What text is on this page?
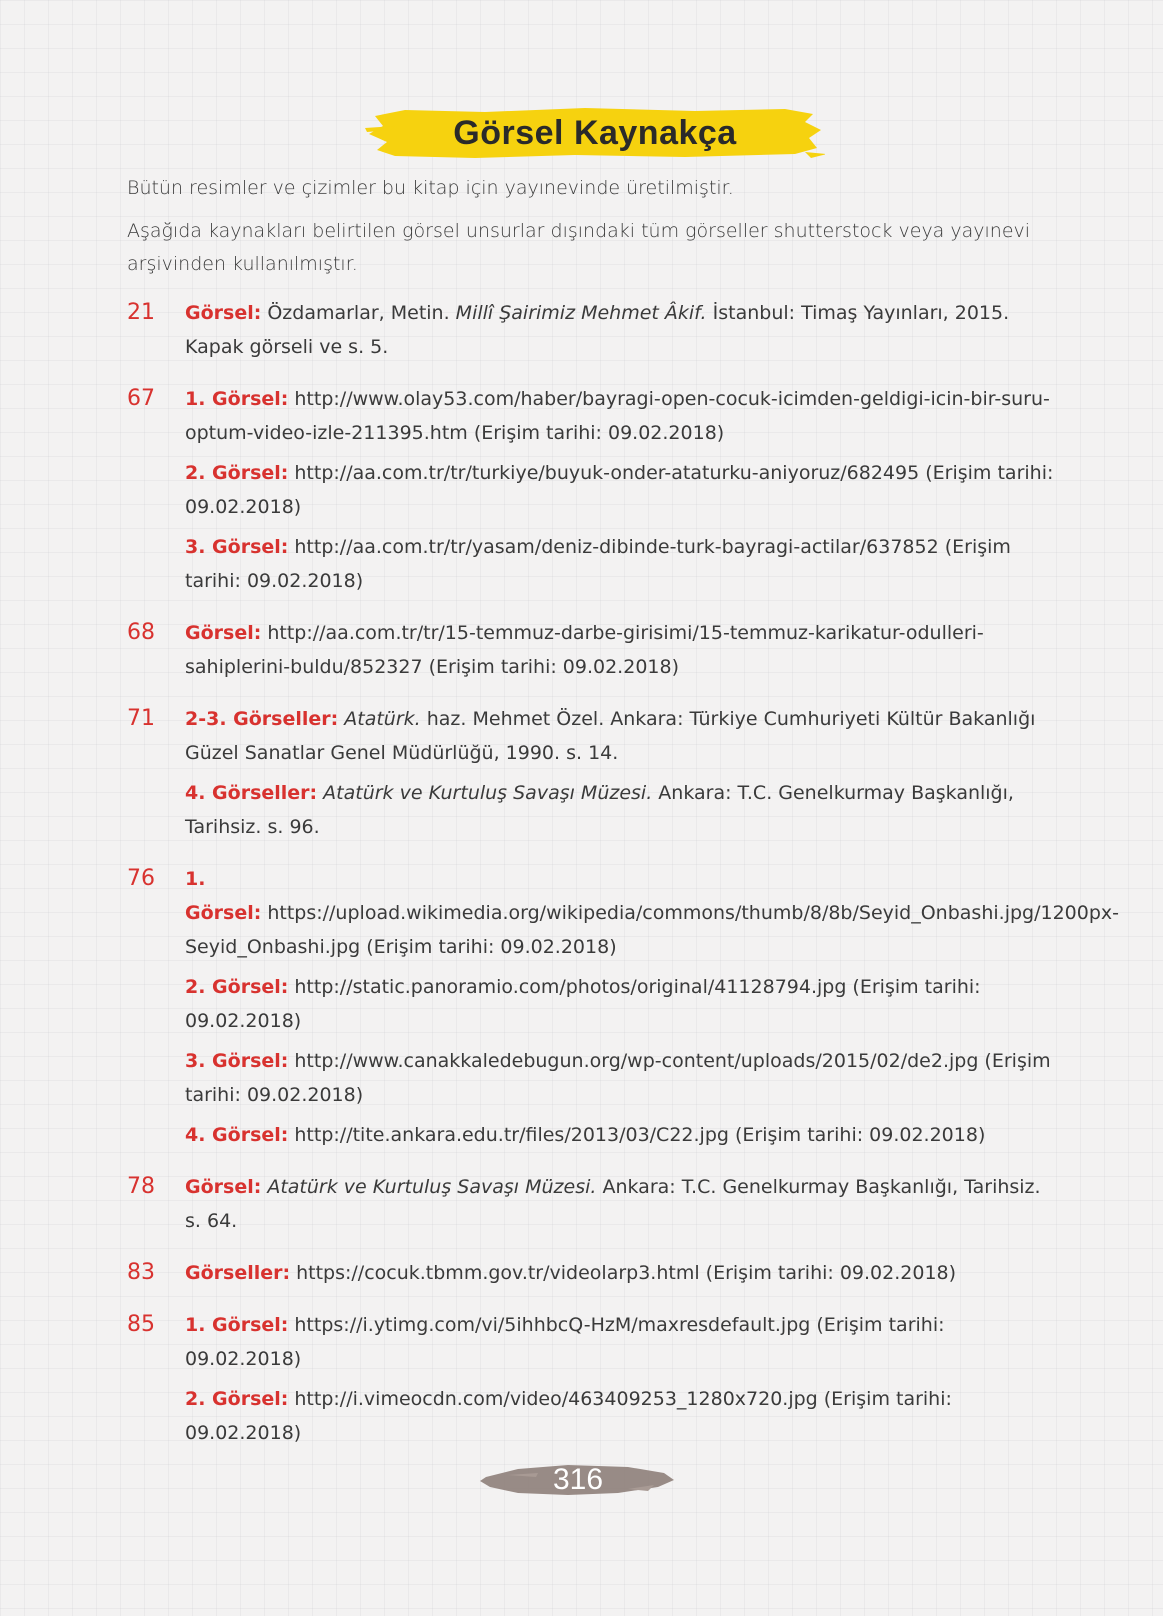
Görsel Kaynakça
Bütün resimler ve çizimler bu kitap için yayınevinde üretilmiştir.
Aşağıda kaynakları belirtilen görsel unsurlar dışındaki tüm görseller shutterstock veya yayınevi arşivinden kullanılmıştır.
21	Görsel: Özdamarlar, Metin. Millî Şairimiz Mehmet Âkif. İstanbul: Timaş Yayınları, 2015. Kapak görseli ve s. 5.
67	1. Görsel: http://www.olay53.com/haber/bayragi-open-cocuk-icimden-geldigi-icin-bir-suru-optum-video-izle-211395.htm (Erişim tarihi: 09.02.2018)
2. Görsel: http://aa.com.tr/tr/turkiye/buyuk-onder-ataturku-aniyoruz/682495 (Erişim tarihi: 09.02.2018)
3. Görsel: http://aa.com.tr/tr/yasam/deniz-dibinde-turk-bayragi-actilar/637852 (Erişim tarihi: 09.02.2018)
68	Görsel: http://aa.com.tr/tr/15-temmuz-darbe-girisimi/15-temmuz-karikatur-odulleri-sahiplerini-buldu/852327 (Erişim tarihi: 09.02.2018)
71	2-3. Görseller: Atatürk. haz. Mehmet Özel. Ankara: Türkiye Cumhuriyeti Kültür Bakanlığı Güzel Sanatlar Genel Müdürlüğü, 1990. s. 14.
4. Görseller: Atatürk ve Kurtuluş Savaşı Müzesi. Ankara: T.C. Genelkurmay Başkanlığı, Tarihsiz. s. 96.
76	1. Görsel: https://upload.wikimedia.org/wikipedia/commons/thumb/8/8b/Seyid_Onbashi.jpg/1200px-Seyid_Onbashi.jpg (Erişim tarihi: 09.02.2018)
2. Görsel: http://static.panoramio.com/photos/original/41128794.jpg (Erişim tarihi: 09.02.2018)
3. Görsel: http://www.canakkaledebugun.org/wp-content/uploads/2015/02/de2.jpg (Erişim tarihi: 09.02.2018)
4. Görsel: http://tite.ankara.edu.tr/files/2013/03/C22.jpg (Erişim tarihi: 09.02.2018)
78	Görsel: Atatürk ve Kurtuluş Savaşı Müzesi. Ankara: T.C. Genelkurmay Başkanlığı, Tarihsiz. s. 64.
83	Görseller: https://cocuk.tbmm.gov.tr/videolarp3.html (Erişim tarihi: 09.02.2018)
85	1. Görsel: https://i.ytimg.com/vi/5ihhbcQ-HzM/maxresdefault.jpg (Erişim tarihi: 09.02.2018)
2. Görsel: http://i.vimeocdn.com/video/463409253_1280x720.jpg (Erişim tarihi: 09.02.2018)
316
